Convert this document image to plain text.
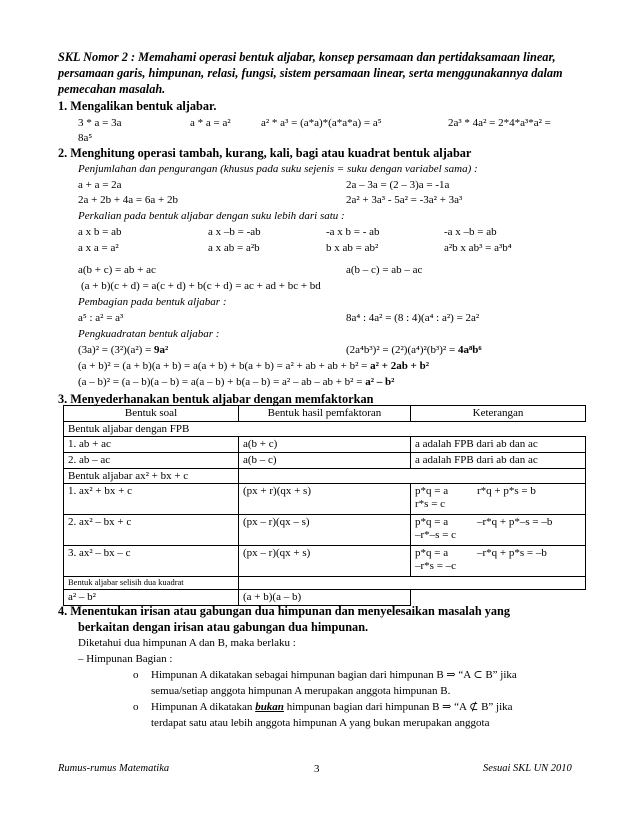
SKL Nomor 2 : Memahami operasi bentuk aljabar, konsep persamaan dan pertidaksamaan linear,
persamaan garis, himpunan, relasi, fungsi, sistem persamaan linear, serta menggunakannya dalam
pemecahan masalah.
1. Mengalikan bentuk aljabar.
3 * a = 3a	a * a = a²	a² * a³ = (a*a)*(a*a*a) = a⁵	2a³ * 4a² = 2*4*a³*a² =
8a⁵
2. Menghitung operasi tambah, kurang, kali, bagi atau kuadrat bentuk aljabar
Penjumlahan dan pengurangan (khusus pada suku sejenis = suku dengan variabel sama) :
a + a = 2a	2a – 3a = (2 – 3)a = -1a
2a + 2b + 4a = 6a + 2b	2a² + 3a³ - 5a² = -3a² + 3a³
Perkalian pada bentuk aljabar dengan suku lebih dari satu :
a x b = ab	a x –b = -ab	-a x b = - ab	-a x –b = ab
a x a = a²	a x ab = a²b	b x ab = ab²	a²b x ab³ = a³b⁴
a(b + c) = ab + ac	a(b – c) = ab – ac
(a + b)(c + d) = a(c + d) + b(c + d) = ac + ad + bc + bd
Pembagian pada bentuk aljabar :
a⁵ : a² = a³	8a⁴ : 4a² = (8 : 4)(a⁴ : a²) = 2a²
Pengkuadratan bentuk aljabar :
(3a)² = (3²)(a²) = 9a²	(2a⁴b³)² = (2²)(a⁴)²(b³)² = 4a⁸b⁶
(a + b)² = (a + b)(a + b) = a(a + b) + b(a + b) = a² + ab + ab + b² = a² + 2ab + b²
(a – b)² = (a – b)(a – b) = a(a – b) + b(a – b) = a² – ab – ab + b² = a² – b²
3. Menyederhanakan bentuk aljabar dengan memfaktorkan
Bentuk soal	Bentuk hasil pemfaktoran	Keterangan
Bentuk aljabar dengan FPB		
1. ab + ac	a(b + c)	a adalah FPB dari ab dan ac
2. ab – ac	a(b – c)	a adalah FPB dari ab dan ac
Bentuk aljabar ax² + bx + c		
1. ax² + bx + c	(px + r)(qx + s)	p*q = a r*q + p*s = b
r*s = c
2. ax² – bx + c	(px – r)(qx – s)	p*q = a –r*q + p*–s = –b
–r*–s = c
3. ax² – bx – c	(px – r)(qx + s)	p*q = a –r*q + p*s = –b
–r*s = –c
Bentuk aljabar selisih dua kuadrat		
a² – b²	(a + b)(a – b)	
4. Menentukan irisan atau gabungan dua himpunan dan menyelesaikan masalah yang
berkaitan dengan irisan atau gabungan dua himpunan.
Diketahui dua himpunan A dan B, maka berlaku :
– Himpunan Bagian :
o Himpunan A dikatakan sebagai himpunan bagian dari himpunan B ⇒ “A ⊂ B” jika
semua/setiap anggota himpunan A merupakan anggota himpunan B.
o Himpunan A dikatakan bukan himpunan bagian dari himpunan B ⇒ “A ⊄ B” jika
terdapat satu atau lebih anggota himpunan A yang bukan merupakan anggota
Rumus-rumus Matematika	3	Sesuai SKL UN 2010
